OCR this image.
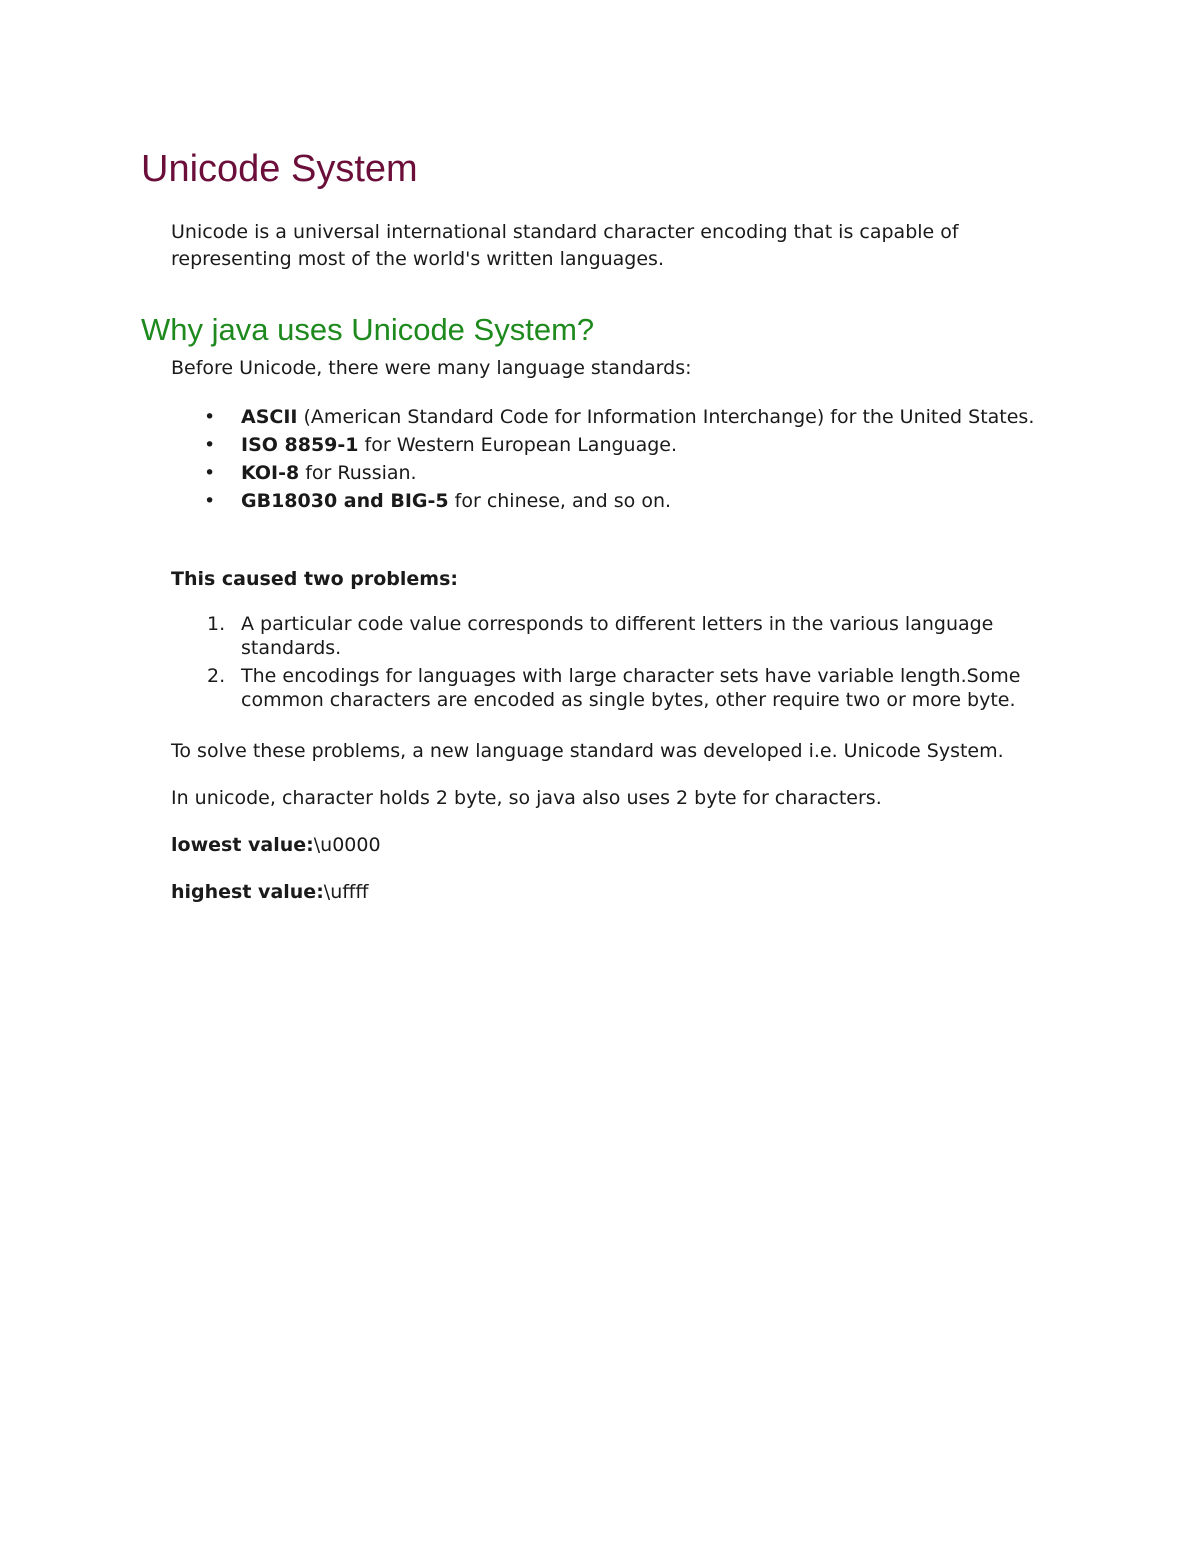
Unicode System

Unicode is a universal international standard character encoding that is capable of representing most of the world's written languages.

Why java uses Unicode System?

Before Unicode, there were many language standards:

• ASCII (American Standard Code for Information Interchange) for the United States.
• ISO 8859-1 for Western European Language.
• KOI-8 for Russian.
• GB18030 and BIG-5 for chinese, and so on.

This caused two problems:

1. A particular code value corresponds to different letters in the various language standards.
2. The encodings for languages with large character sets have variable length.Some common characters are encoded as single bytes, other require two or more byte.

To solve these problems, a new language standard was developed i.e. Unicode System.

In unicode, character holds 2 byte, so java also uses 2 byte for characters.

lowest value:\u0000

highest value:\uffff
